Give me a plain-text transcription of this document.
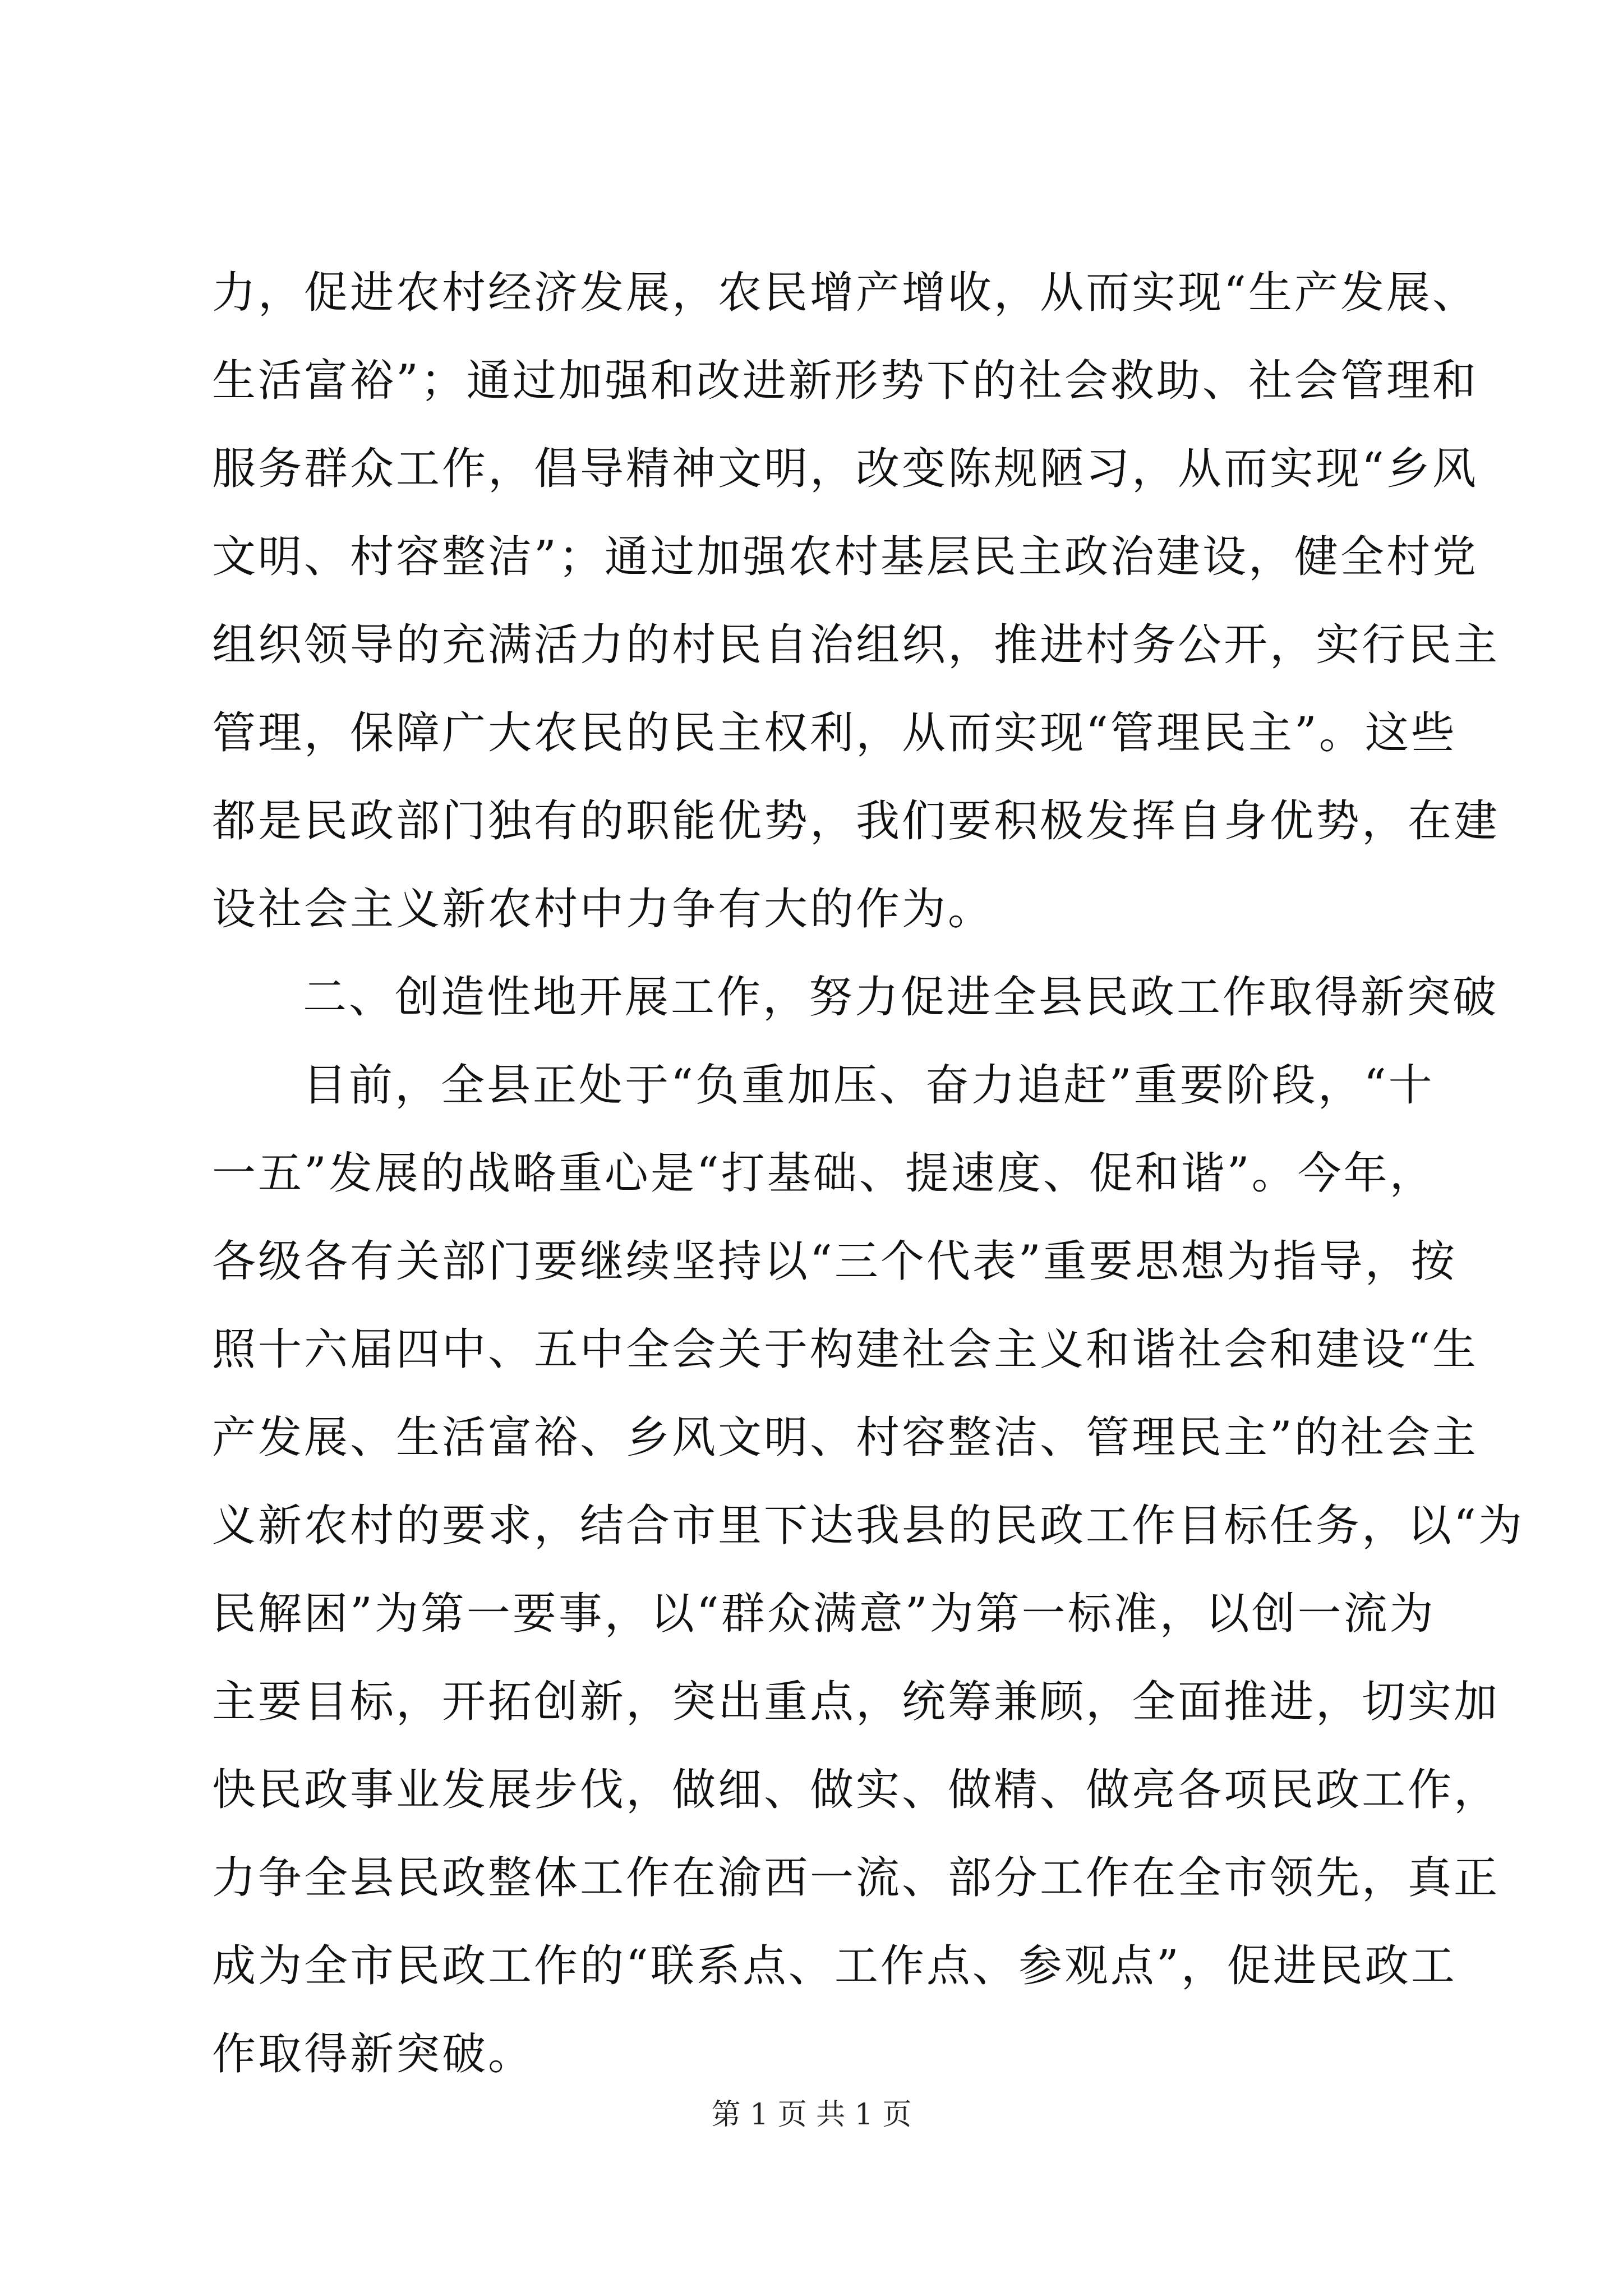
力，促进农村经济发展，农民增产增收，从而实现“生产发展、
生活富裕”；通过加强和改进新形势下的社会救助、社会管理和
服务群众工作，倡导精神文明，改变陈规陋习，从而实现“乡风
文明、村容整洁”；通过加强农村基层民主政治建设，健全村党
组织领导的充满活力的村民自治组织，推进村务公开，实行民主
管理，保障广大农民的民主权利，从而实现“管理民主”。这些
都是民政部门独有的职能优势，我们要积极发挥自身优势，在建
设社会主义新农村中力争有大的作为。
二、创造性地开展工作，努力促进全县民政工作取得新突破
目前，全县正处于“负重加压、奋力追赶”重要阶段，“十
一五”发展的战略重心是“打基础、提速度、促和谐”。今年，
各级各有关部门要继续坚持以“三个代表”重要思想为指导，按
照十六届四中、五中全会关于构建社会主义和谐社会和建设“生
产发展、生活富裕、乡风文明、村容整洁、管理民主”的社会主
义新农村的要求，结合市里下达我县的民政工作目标任务，以“为
民解困”为第一要事，以“群众满意”为第一标准，以创一流为
主要目标，开拓创新，突出重点，统筹兼顾，全面推进，切实加
快民政事业发展步伐，做细、做实、做精、做亮各项民政工作，
力争全县民政整体工作在渝西一流、部分工作在全市领先，真正
成为全市民政工作的“联系点、工作点、参观点”，促进民政工
作取得新突破。
第 1 页 共 1 页
